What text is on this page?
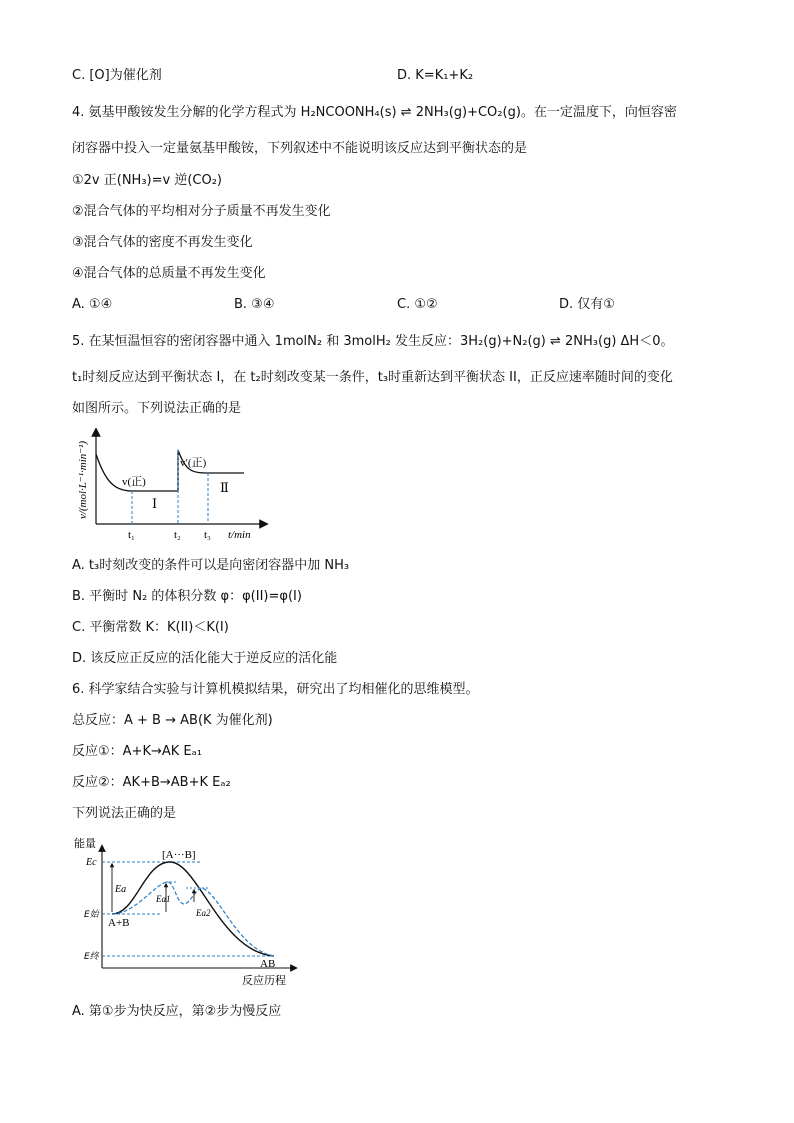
C. [O]为催化剂	D. K=K₁+K₂
4. 氨基甲酸铵发生分解的化学方程式为 H₂NCOONH₄(s) ⇌ 2NH₃(g)+CO₂(g)。在一定温度下，向恒容密
闭容器中投入一定量氨基甲酸铵，下列叙述中不能说明该反应达到平衡状态的是
①2v 正(NH₃)=v 逆(CO₂)
②混合气体的平均相对分子质量不再发生变化
③混合气体的密度不再发生变化
④混合气体的总质量不再发生变化
A. ①④	B. ③④	C. ①②	D. 仅有①
5. 在某恒温恒容的密闭容器中通入 1molN₂ 和 3molH₂ 发生反应：3H₂(g)+N₂(g) ⇌ 2NH₃(g) ΔH＜0。
t₁时刻反应达到平衡状态 I，在 t₂时刻改变某一条件，t₃时重新达到平衡状态 II，正反应速率随时间的变化
如图所示。下列说法正确的是
v/(mol·L⁻¹·min⁻¹)	v(正)
v′(正)
Ⅰ
Ⅱ
t₁	t₂ t₃ t/min
A. t₃时刻改变的条件可以是向密闭容器中加 NH₃
B. 平衡时 N₂ 的体积分数 φ：φ(II)=φ(I)
C. 平衡常数 K：K(II)＜K(I)
D. 该反应正反应的活化能大于逆反应的活化能
6. 科学家结合实验与计算机模拟结果，研究出了均相催化的思维模型。
总反应：A + B → AB(K 为催化剂)
反应①：A+K→AK Eₐ₁
反应②：AK+B→AB+K Eₐ₂
下列说法正确的是
能量
反应历程
Ec
E始
E终
Ea
Ea1
Ea2
[A···B]
A+B
AB
A. 第①步为快反应，第②步为慢反应
